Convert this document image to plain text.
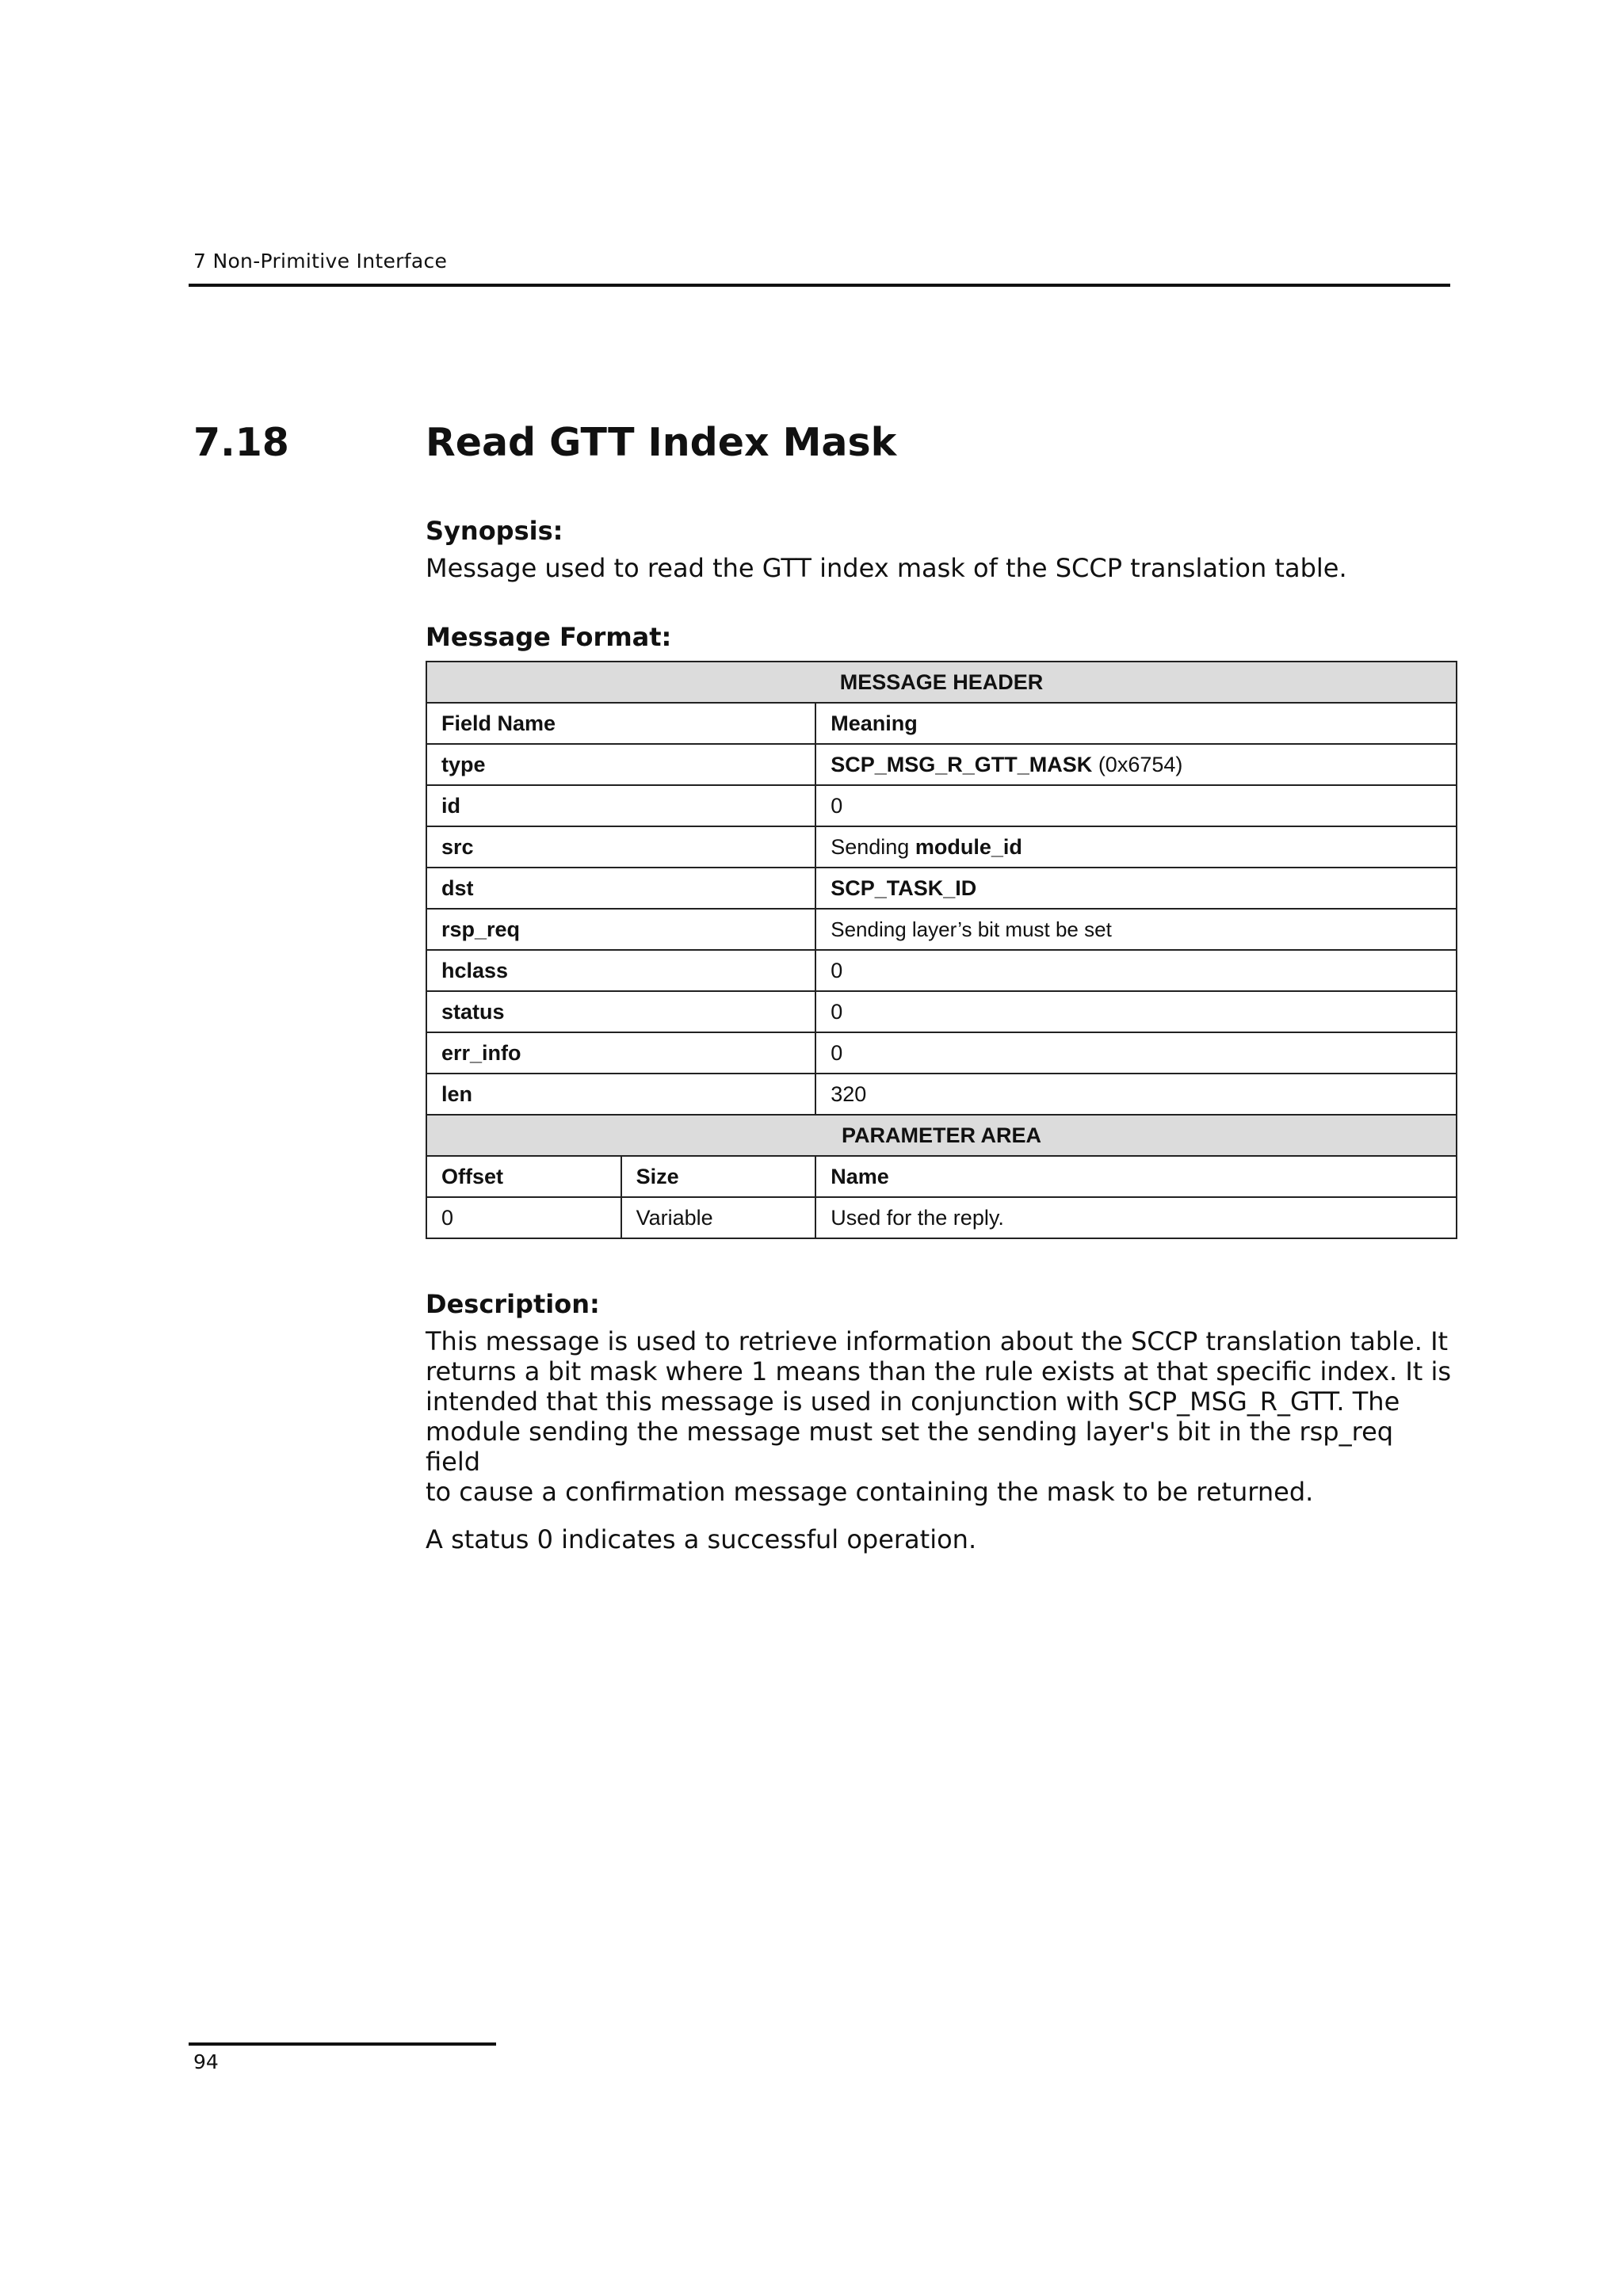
7 Non-Primitive Interface
7.18	Read GTT Index Mask

Synopsis:

Message used to read the GTT index mask of the SCCP translation table.

Message Format:

MESSAGE HEADER		
Field Name		Meaning
type		SCP_MSG_R_GTT_MASK (0x6754)
id		0
src		Sending module_id
dst		SCP_TASK_ID
rsp_req		Sending layer’s bit must be set
hclass		0
status		0
err_info		0
len		320
PARAMETER AREA		
Offset	Size	Name
0	Variable	Used for the reply.

Description:

This message is used to retrieve information about the SCCP translation table. It
returns a bit mask where 1 means than the rule exists at that specific index. It is
intended that this message is used in conjunction with SCP_MSG_R_GTT. The
module sending the message must set the sending layer's bit in the rsp_req field
to cause a confirmation message containing the mask to be returned.

A status 0 indicates a successful operation.

94
